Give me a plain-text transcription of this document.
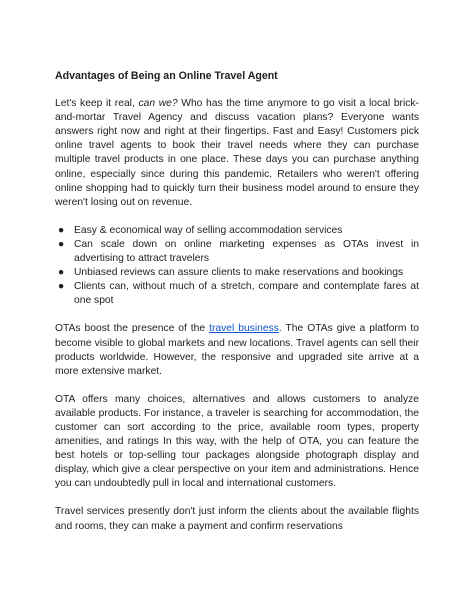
Advantages of Being an Online Travel Agent

Let's keep it real, can we? Who has the time anymore to go visit a local brick-and-mortar Travel Agency and discuss vacation plans? Everyone wants answers right now and right at their fingertips. Fast and Easy! Customers pick online travel agents to book their travel needs where they can purchase multiple travel products in one place. These days you can purchase anything online, especially since during this pandemic. Retailers who weren't offering online shopping had to quickly turn their business model around to ensure they weren't losing out on revenue.

● Easy & economical way of selling accommodation services
● Can scale down on online marketing expenses as OTAs invest in advertising to attract travelers
● Unbiased reviews can assure clients to make reservations and bookings
● Clients can, without much of a stretch, compare and contemplate fares at one spot

OTAs boost the presence of the travel business. The OTAs give a platform to become visible to global markets and new locations. Travel agents can sell their products worldwide. However, the responsive and upgraded site arrive at a more extensive market.

OTA offers many choices, alternatives and allows customers to analyze available products. For instance, a traveler is searching for accommodation, the customer can sort according to the price, available room types, property amenities, and ratings In this way, with the help of OTA, you can feature the best hotels or top-selling tour packages alongside photograph display and display, which give a clear perspective on your item and administrations. Hence you can undoubtedly pull in local and international customers.

Travel services presently don't just inform the clients about the available flights and rooms, they can make a payment and confirm reservations
